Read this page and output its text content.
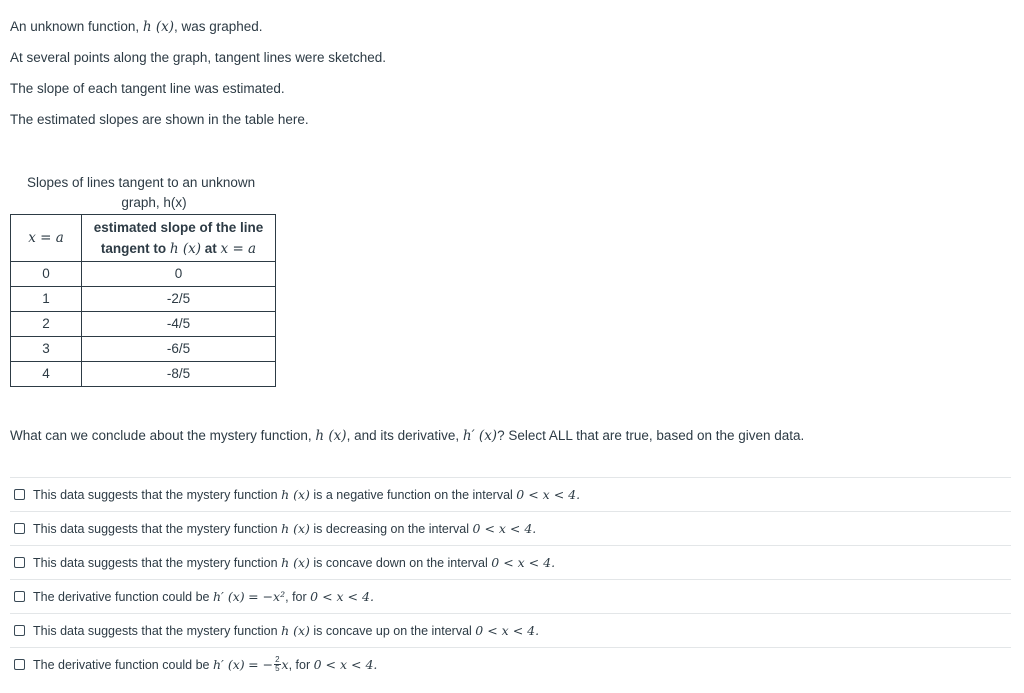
An unknown function, h (x), was graphed.

At several points along the graph, tangent lines were sketched.

The slope of each tangent line was estimated.

The estimated slopes are shown in the table here.

Slopes of lines tangent to an unknown
graph, h(x)
x = a	estimated slope of the line
tangent to h (x) at x = a
0	0
1	-2/5
2	-4/5
3	-6/5
4	-8/5
What can we conclude about the mystery function, h (x), and its derivative, h′ (x)? Select ALL that are true, based on the given data.
This data suggests that the mystery function
h (x)
is a negative function on the interval
0 < x < 4.
This data suggests that the mystery function
h (x)
is decreasing on the interval
0 < x < 4.
This data suggests that the mystery function
h (x)
is concave down on the interval
0 < x < 4.
The derivative function could be
h′ (x)
= −x² , for
0 < x < 4.
This data suggests that the mystery function
h (x)
is concave up on the interval
0 < x < 4.
The derivative function could be
h′ (x)
= − $\frac{2}{5}$ x , for
0 < x < 4.
